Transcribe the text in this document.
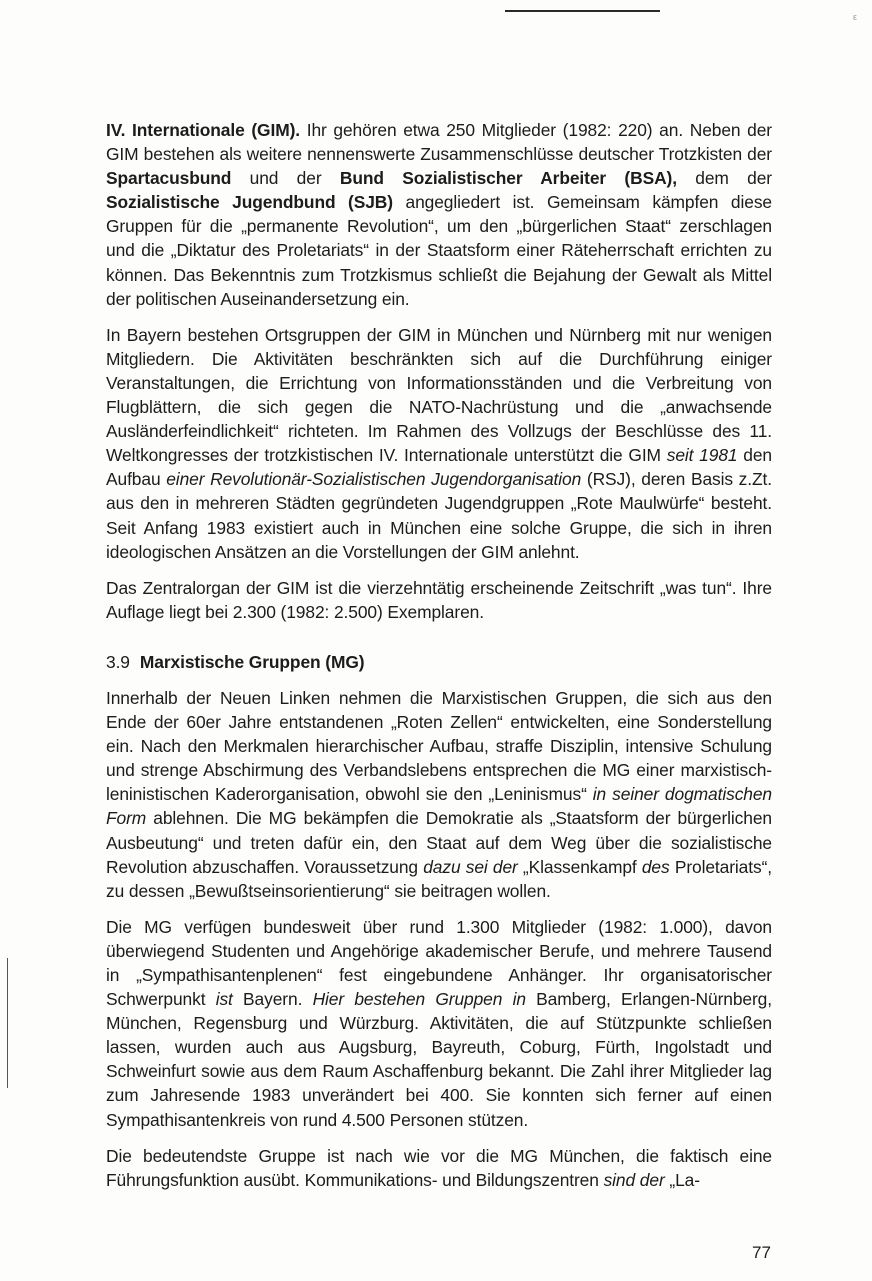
ε

IV. Internationale (GIM). Ihr gehören etwa 250 Mitglieder (1982: 220) an. Neben der GIM bestehen als weitere nennenswerte Zusammenschlüsse deutscher Trotzkisten der Spartacusbund und der Bund Sozialistischer Arbeiter (BSA), dem der Sozialistische Jugendbund (SJB) angegliedert ist. Gemeinsam kämpfen diese Gruppen für die „permanente Revolution“, um den „bürgerlichen Staat“ zerschlagen und die „Diktatur des Proletariats“ in der Staatsform einer Räteherrschaft errichten zu können. Das Bekenntnis zum Trotzkismus schließt die Bejahung der Gewalt als Mittel der politischen Auseinandersetzung ein.

In Bayern bestehen Ortsgruppen der GIM in München und Nürnberg mit nur wenigen Mitgliedern. Die Aktivitäten beschränkten sich auf die Durchführung einiger Veranstaltungen, die Errichtung von Informationsständen und die Verbreitung von Flugblättern, die sich gegen die NATO-Nachrüstung und die „anwachsende Ausländerfeindlichkeit“ richteten. Im Rahmen des Vollzugs der Beschlüsse des 11. Weltkongresses der trotzkistischen IV. Internationale unterstützt die GIM seit 1981 den Aufbau einer Revolutionär-Sozialistischen Jugendorganisation (RSJ), deren Basis z.Zt. aus den in mehreren Städten gegründeten Jugendgruppen „Rote Maulwürfe“ besteht. Seit Anfang 1983 existiert auch in München eine solche Gruppe, die sich in ihren ideologischen Ansätzen an die Vorstellungen der GIM anlehnt.

Das Zentralorgan der GIM ist die vierzehntätig erscheinende Zeitschrift „was tun“. Ihre Auflage liegt bei 2.300 (1982: 2.500) Exemplaren.

3.9 Marxistische Gruppen (MG)

Innerhalb der Neuen Linken nehmen die Marxistischen Gruppen, die sich aus den Ende der 60er Jahre entstandenen „Roten Zellen“ entwickelten, eine Sonderstellung ein. Nach den Merkmalen hierarchischer Aufbau, straffe Disziplin, intensive Schulung und strenge Abschirmung des Verbandslebens entsprechen die MG einer marxistisch-leninistischen Kaderorganisation, obwohl sie den „Leninismus“ in seiner dogmatischen Form ablehnen. Die MG bekämpfen die Demokratie als „Staatsform der bürgerlichen Ausbeutung“ und treten dafür ein, den Staat auf dem Weg über die sozialistische Revolution abzuschaffen. Voraussetzung dazu sei der „Klassenkampf des Proletariats“, zu dessen „Bewußtseinsorientierung“ sie beitragen wollen.

Die MG verfügen bundesweit über rund 1.300 Mitglieder (1982: 1.000), davon überwiegend Studenten und Angehörige akademischer Berufe, und mehrere Tausend in „Sympathisantenplenen“ fest eingebundene Anhänger. Ihr organisatorischer Schwerpunkt ist Bayern. Hier bestehen Gruppen in Bamberg, Erlangen-Nürnberg, München, Regensburg und Würzburg. Aktivitäten, die auf Stützpunkte schließen lassen, wurden auch aus Augsburg, Bayreuth, Coburg, Fürth, Ingolstadt und Schweinfurt sowie aus dem Raum Aschaffenburg bekannt. Die Zahl ihrer Mitglieder lag zum Jahresende 1983 unverändert bei 400. Sie konnten sich ferner auf einen Sympathisantenkreis von rund 4.500 Personen stützen.

Die bedeutendste Gruppe ist nach wie vor die MG München, die faktisch eine Führungsfunktion ausübt. Kommunikations- und Bildungszentren sind der „La-

77
